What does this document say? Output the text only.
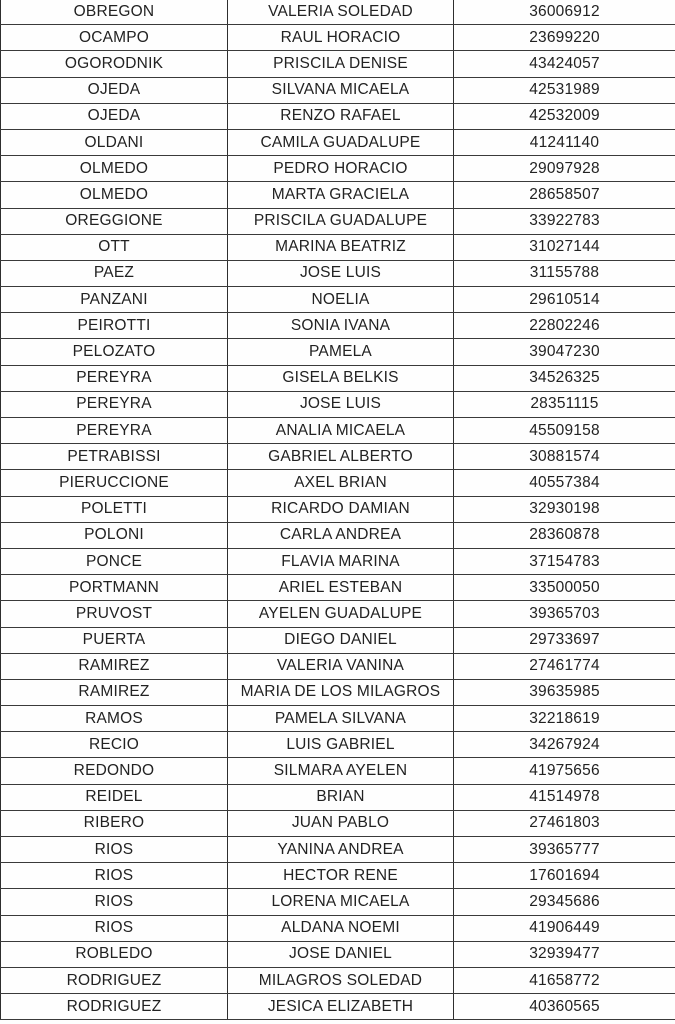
OBREGON	VALERIA SOLEDAD	36006912
OCAMPO	RAUL HORACIO	23699220
OGORODNIK	PRISCILA DENISE	43424057
OJEDA	SILVANA MICAELA	42531989
OJEDA	RENZO RAFAEL	42532009
OLDANI	CAMILA GUADALUPE	41241140
OLMEDO	PEDRO HORACIO	29097928
OLMEDO	MARTA GRACIELA	28658507
OREGGIONE	PRISCILA GUADALUPE	33922783
OTT	MARINA BEATRIZ	31027144
PAEZ	JOSE LUIS	31155788
PANZANI	NOELIA	29610514
PEIROTTI	SONIA IVANA	22802246
PELOZATO	PAMELA	39047230
PEREYRA	GISELA BELKIS	34526325
PEREYRA	JOSE LUIS	28351115
PEREYRA	ANALIA MICAELA	45509158
PETRABISSI	GABRIEL ALBERTO	30881574
PIERUCCIONE	AXEL BRIAN	40557384
POLETTI	RICARDO DAMIAN	32930198
POLONI	CARLA ANDREA	28360878
PONCE	FLAVIA MARINA	37154783
PORTMANN	ARIEL ESTEBAN	33500050
PRUVOST	AYELEN GUADALUPE	39365703
PUERTA	DIEGO DANIEL	29733697
RAMIREZ	VALERIA VANINA	27461774
RAMIREZ	MARIA DE LOS MILAGROS	39635985
RAMOS	PAMELA SILVANA	32218619
RECIO	LUIS GABRIEL	34267924
REDONDO	SILMARA AYELEN	41975656
REIDEL	BRIAN	41514978
RIBERO	JUAN PABLO	27461803
RIOS	YANINA ANDREA	39365777
RIOS	HECTOR RENE	17601694
RIOS	LORENA MICAELA	29345686
RIOS	ALDANA NOEMI	41906449
ROBLEDO	JOSE DANIEL	32939477
RODRIGUEZ	MILAGROS SOLEDAD	41658772
RODRIGUEZ	JESICA ELIZABETH	40360565
